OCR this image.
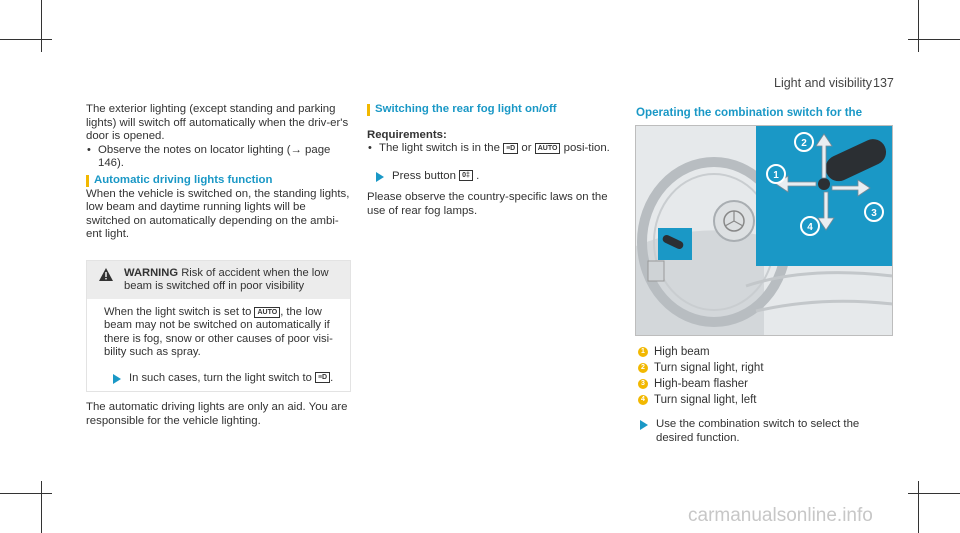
Light and visibility 137

The exterior lighting (except standing and parking lights) will switch off automatically when the driv-er's door is opened.

• Observe the notes on locator lighting (→ page 146).

Automatic driving lights function

When the vehicle is switched on, the standing lights, low beam and daytime running lights will be switched on automatically depending on the ambi-ent light.

WARNING Risk of accident when the low beam is switched off in poor visibility
When the light switch is set to AUTO , the low beam may not be switched on automatically if there is fog, snow or other causes of poor visi-bility such as spray.
In such cases, turn the light switch to ≡D .
The automatic driving lights are only an aid. You are responsible for the vehicle lighting.

Switching the rear fog light on/off

Requirements:

• The light switch is in the ≡D or AUTO posi-tion.

Press button 0‡ .

Please observe the country-specific laws on the use of rear fog lamps.

Operating the combination switch for the
1
2
3
4
1 High beam
2 Turn signal light, right
3 High-beam flasher
4 Turn signal light, left
Use the combination switch to select the desired function.
carmanualsonline.info
